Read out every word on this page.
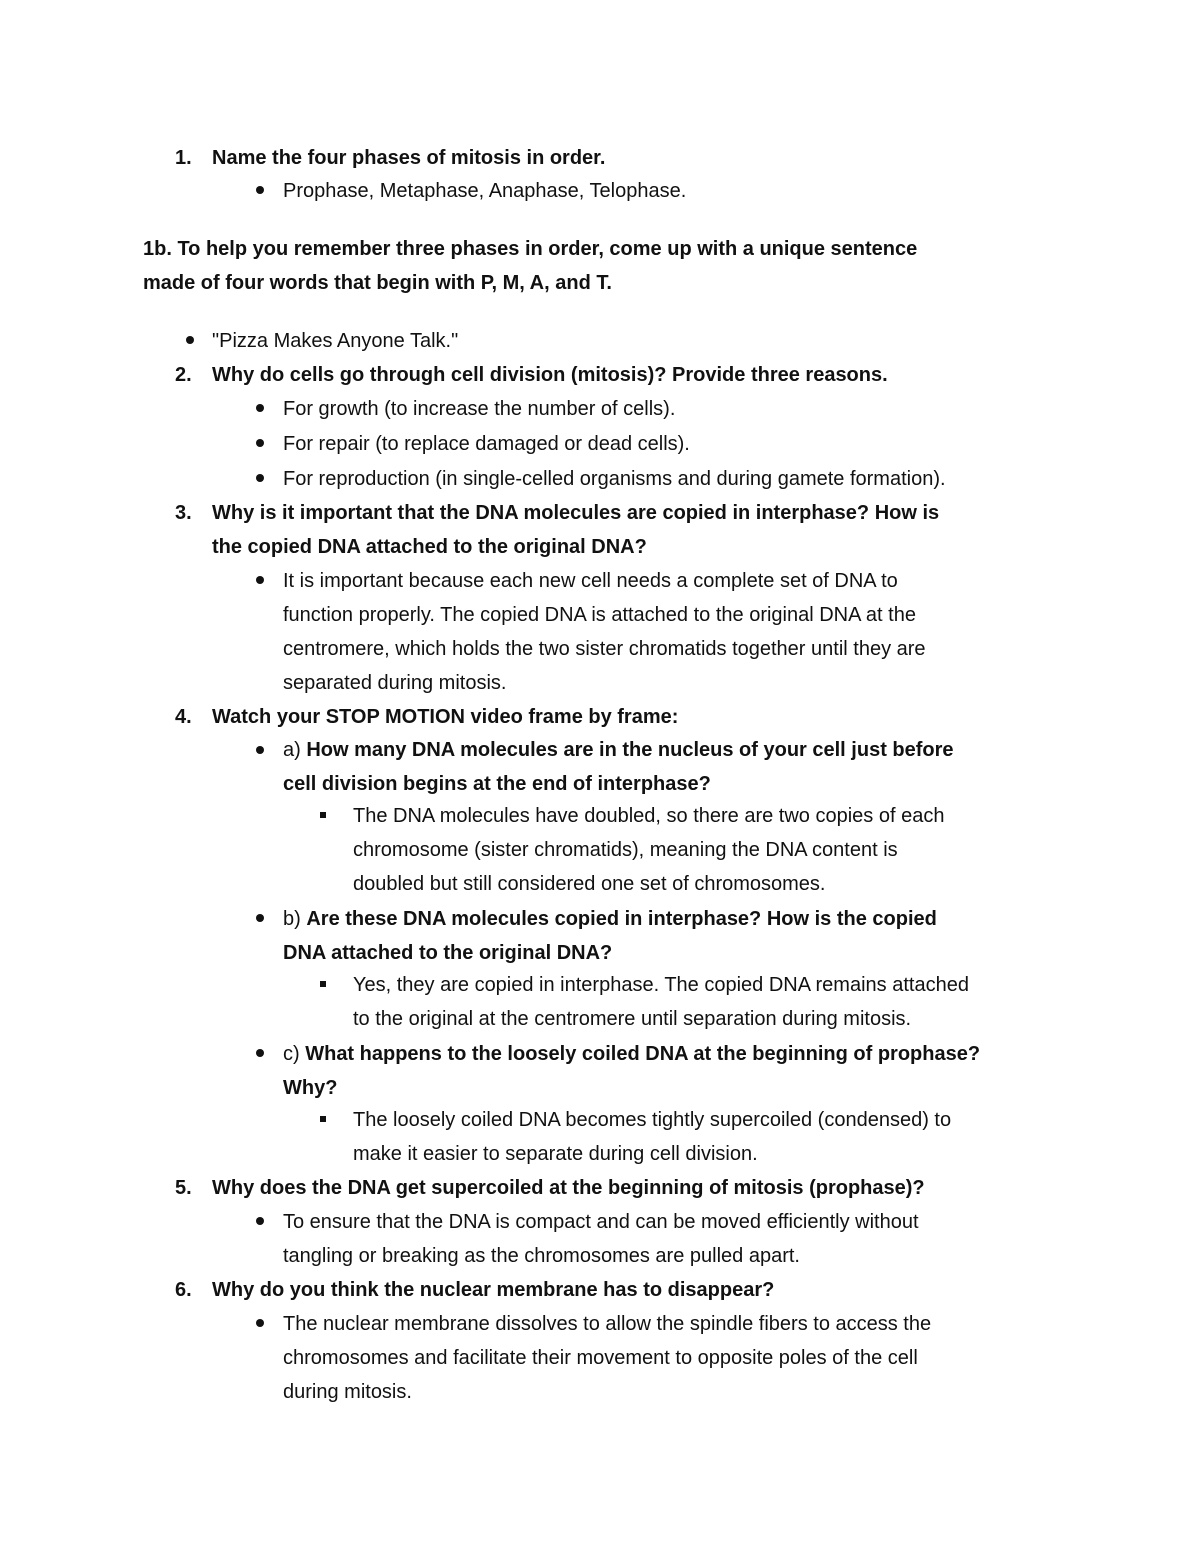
1. Name the four phases of mitosis in order.
Prophase, Metaphase, Anaphase, Telophase.
1b. To help you remember three phases in order, come up with a unique sentence
made of four words that begin with P, M, A, and T.
"Pizza Makes Anyone Talk."
2. Why do cells go through cell division (mitosis)? Provide three reasons.
For growth (to increase the number of cells).
For repair (to replace damaged or dead cells).
For reproduction (in single-celled organisms and during gamete formation).
3. Why is it important that the DNA molecules are copied in interphase? How is
the copied DNA attached to the original DNA?
It is important because each new cell needs a complete set of DNA to
function properly. The copied DNA is attached to the original DNA at the
centromere, which holds the two sister chromatids together until they are
separated during mitosis.
4. Watch your STOP MOTION video frame by frame:
a) How many DNA molecules are in the nucleus of your cell just before
cell division begins at the end of interphase?
The DNA molecules have doubled, so there are two copies of each
chromosome (sister chromatids), meaning the DNA content is
doubled but still considered one set of chromosomes.
b) Are these DNA molecules copied in interphase? How is the copied
DNA attached to the original DNA?
Yes, they are copied in interphase. The copied DNA remains attached
to the original at the centromere until separation during mitosis.
c) What happens to the loosely coiled DNA at the beginning of prophase?
Why?
The loosely coiled DNA becomes tightly supercoiled (condensed) to
make it easier to separate during cell division.
5. Why does the DNA get supercoiled at the beginning of mitosis (prophase)?
To ensure that the DNA is compact and can be moved efficiently without
tangling or breaking as the chromosomes are pulled apart.
6. Why do you think the nuclear membrane has to disappear?
The nuclear membrane dissolves to allow the spindle fibers to access the
chromosomes and facilitate their movement to opposite poles of the cell
during mitosis.
